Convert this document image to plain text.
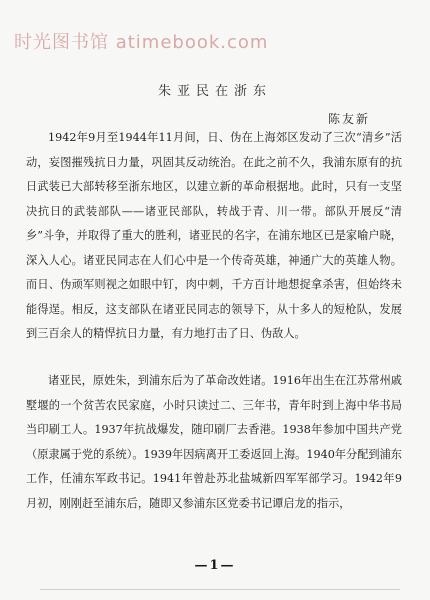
时光图书馆 atimebook.com
朱亚民在浙东
陈友新

1942年9月至1944年11月间，日、伪在上海郊区发动了三次“清乡”活动，妄图摧残抗日力量，巩固其反动统治。在此之前不久，我浦东原有的抗日武装已大部转移至浙东地区，以建立新的革命根据地。此时，只有一支坚决抗日的武装部队——诸亚民部队，转战于青、川一带。部队开展反“清乡”斗争，并取得了重大的胜利，诸亚民的名字，在浦东地区已是家喻户晓，深入人心。诸亚民同志在人们心中是一个传奇英雄，神通广大的英雄人物。而日、伪顽军则视之如眼中钉，肉中刺，千方百计地想捉拿杀害，但始终未能得逞。相反，这支部队在诸亚民同志的领导下，从十多人的短枪队，发展到三百余人的精悍抗日力量，有力地打击了日、伪敌人。

诸亚民，原姓朱，到浦东后为了革命改姓诸。1916年出生在江苏常州戚墅堰的一个贫苦农民家庭，小时只读过二、三年书，青年时到上海中华书局当印刷工人。1937年抗战爆发，随印刷厂去香港。1938年参加中国共产党（原隶属于党的系统）。1939年因病离开工委返回上海。1940年分配到浦东工作，任浦东军政书记。1941年曾赴苏北盐城新四军军部学习。1942年9月初，刚刚赶至浦东后，随即又参浦东区党委书记谭启龙的指示，

—1—
